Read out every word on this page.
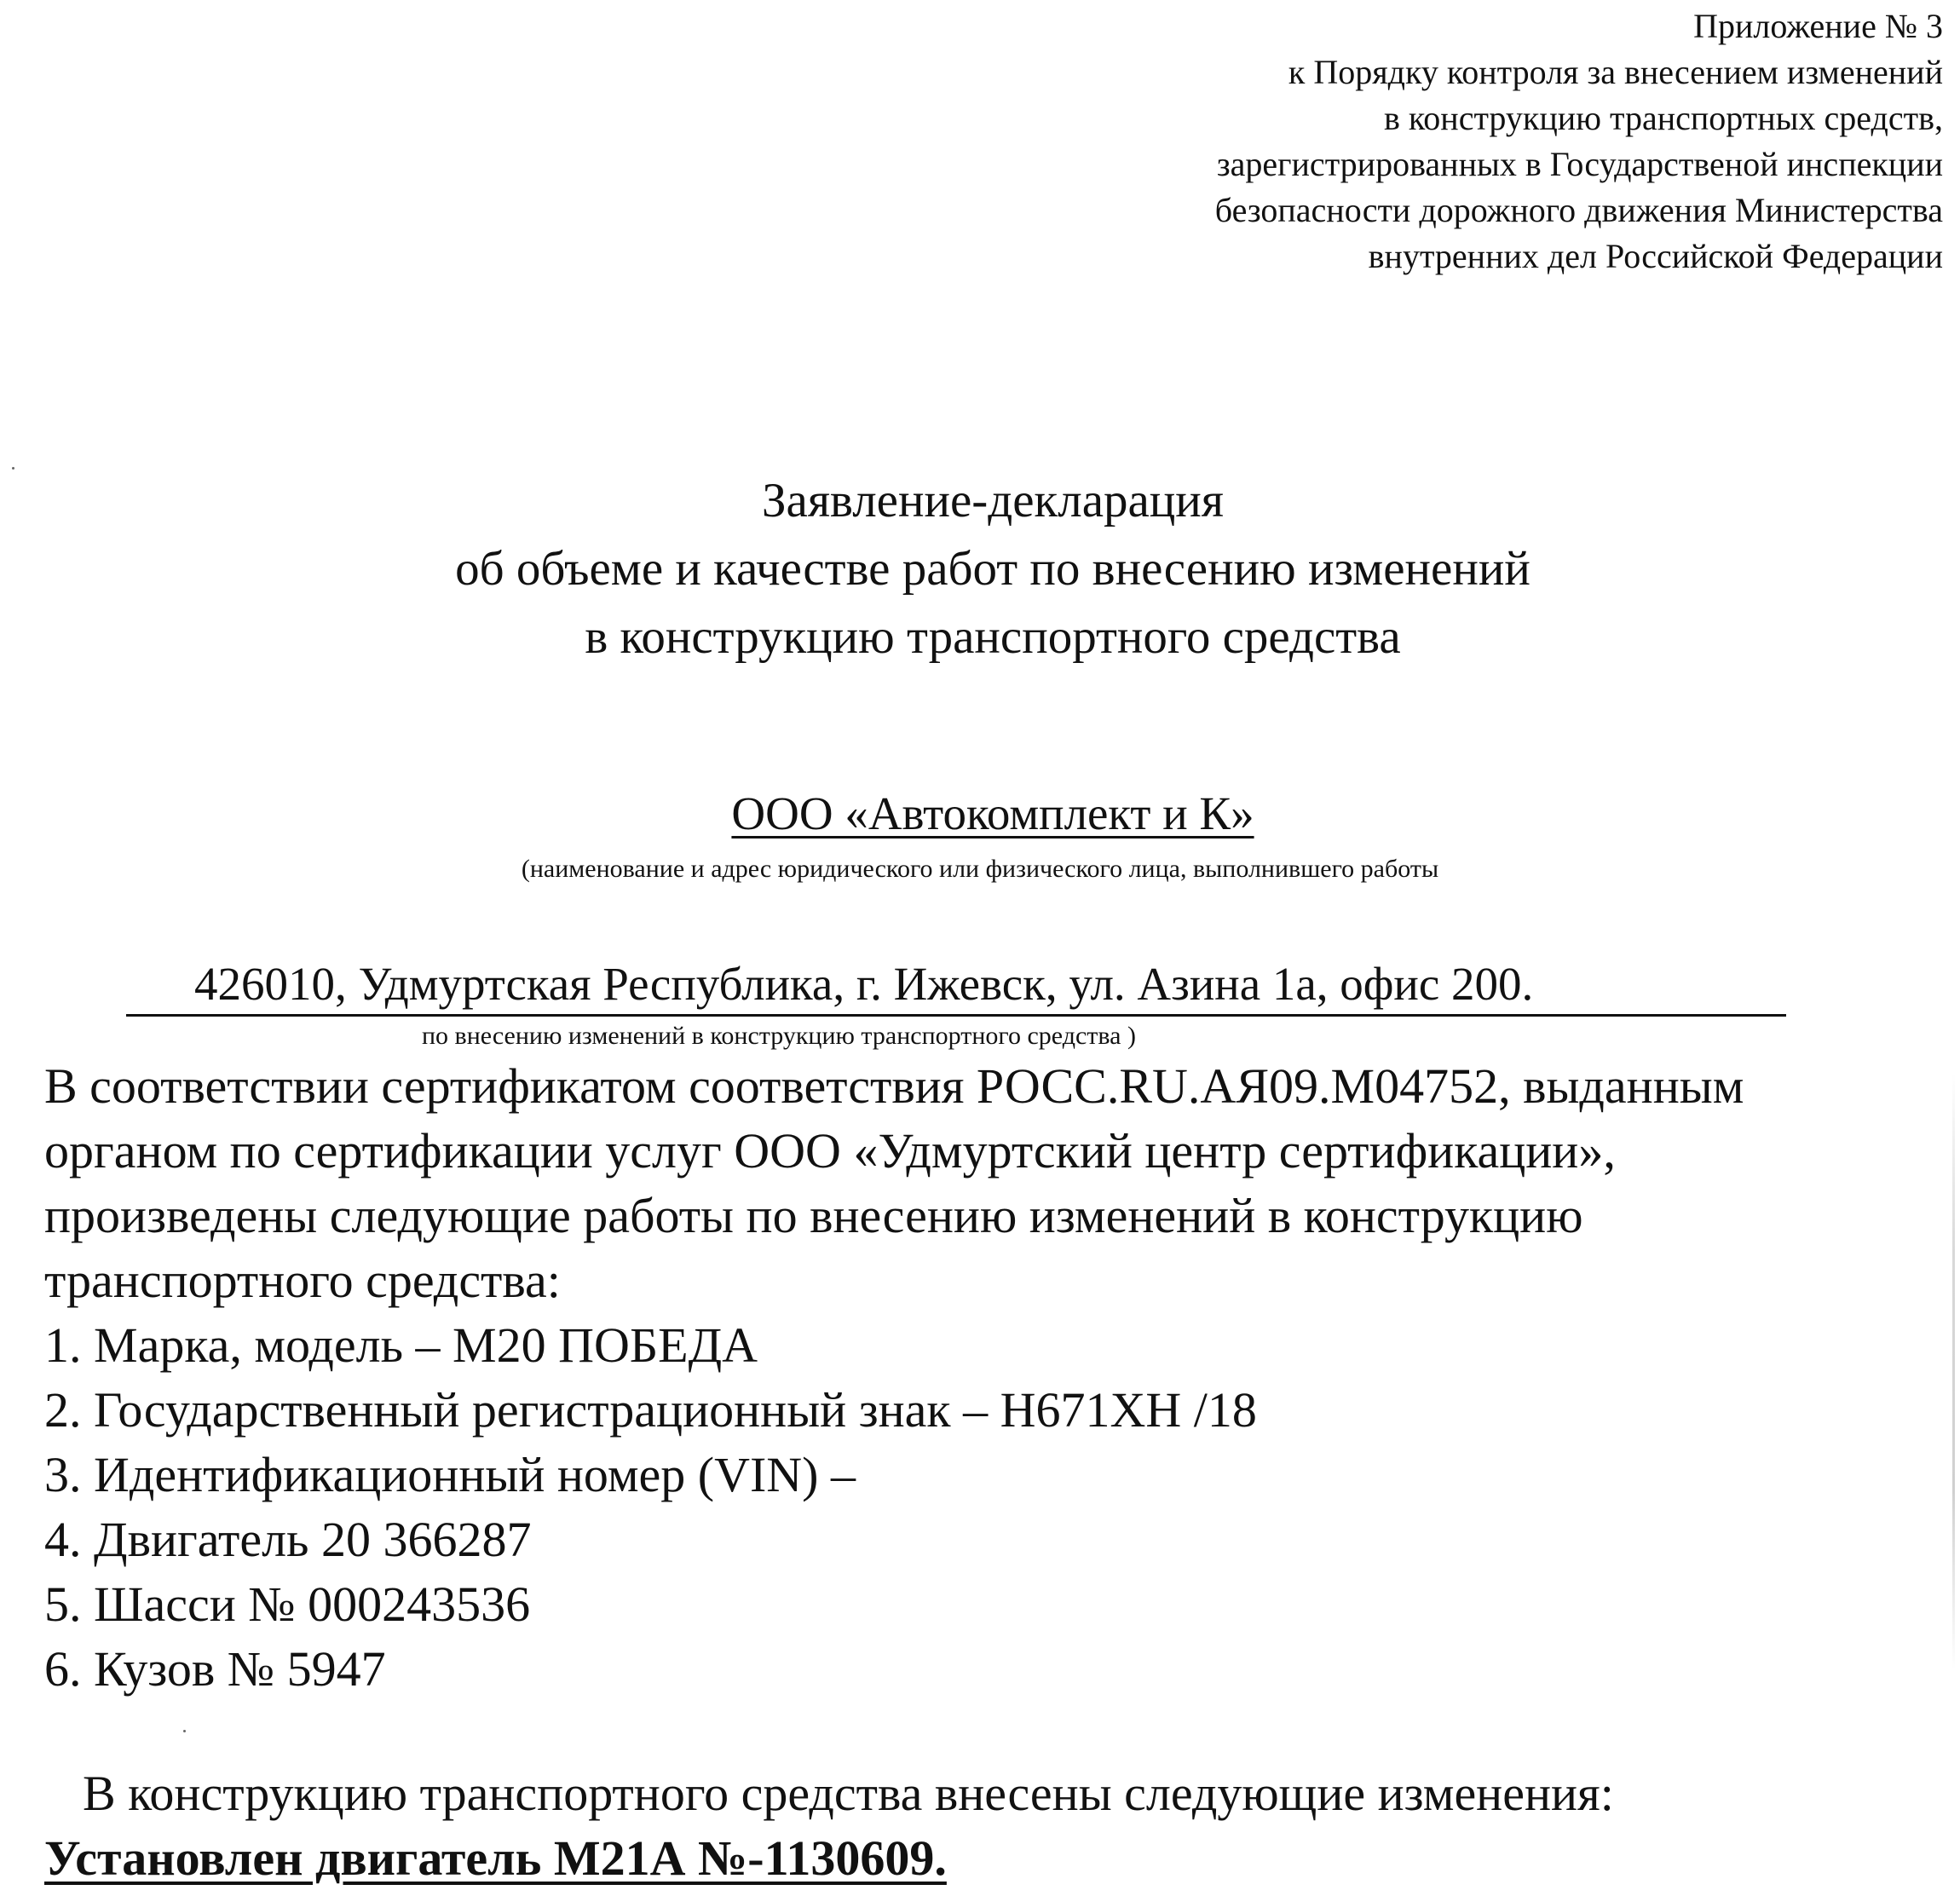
Приложение № 3
к Порядку контроля за внесением изменений
в конструкцию транспортных средств,
зарегистрированных в Государственой инспекции
безопасности дорожного движения Министерства
внутренних дел Российской Федерации
Заявление-декларация
об объеме и качестве работ по внесению изменений
в конструкцию транспортного средства
ООО «Автокомплект и К»
(наименование и адрес юридического или физического лица, выполнившего работы
426010, Удмуртская Республика, г. Ижевск, ул. Азина 1а, офис 200.
по внесению изменений в конструкцию транспортного средства )
В соответствии сертификатом соответствия РОСС.RU.АЯ09.М04752, выданным
органом по сертификации услуг ООО «Удмуртский центр сертификации»,
произведены следующие работы по внесению изменений в конструкцию
транспортного средства:
1. Марка, модель – М20 ПОБЕДА
2. Государственный регистрационный знак – Н671ХН /18
3. Идентификационный номер (VIN) –
4. Двигатель 20 366287
5. Шасси № 000243536
6. Кузов № 5947
В конструкцию транспортного средства внесены следующие изменения:
Установлен двигатель М21А №-1130609.
